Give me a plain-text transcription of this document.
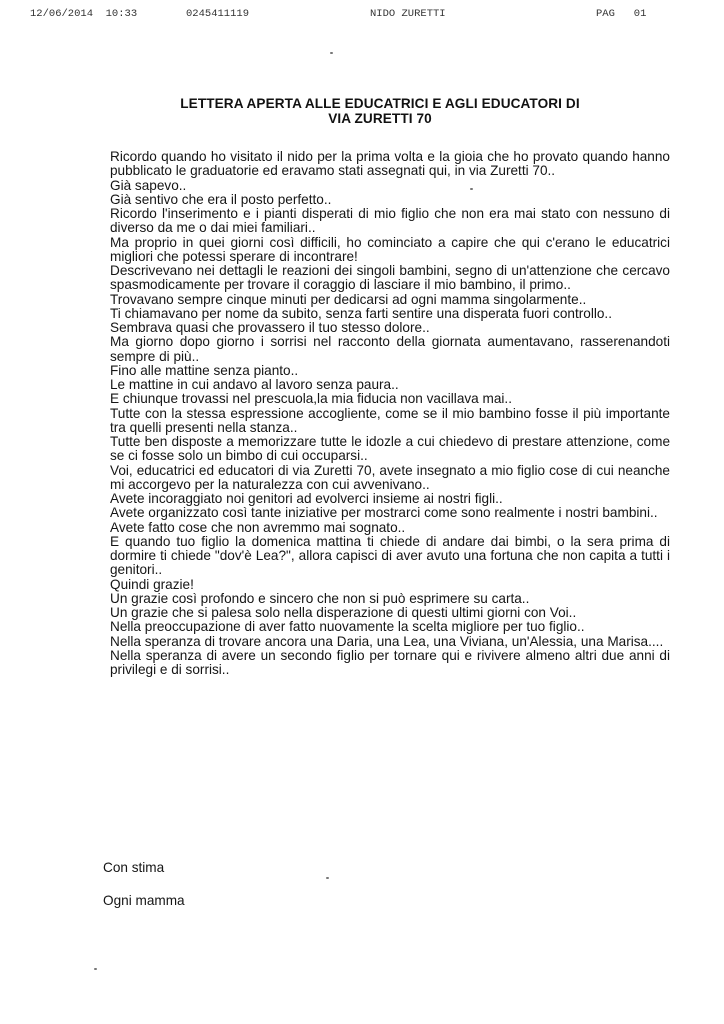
12/06/2014  10:33	0245411119	NIDO ZURETTI	PAG   01
LETTERA APERTA ALLE EDUCATRICI E AGLI EDUCATORI DI
VIA ZURETTI 70

Ricordo quando ho visitato il nido per la prima volta e la gioia che ho provato quando hanno pubblicato le graduatorie ed eravamo stati assegnati qui, in via Zuretti 70..

Già sapevo..

Già sentivo che era il posto perfetto..

Ricordo l'inserimento e i pianti disperati di mio figlio che non era mai stato con nessuno di diverso da me o dai miei familiari..

Ma proprio in quei giorni così difficili, ho cominciato a capire che qui c'erano le educatrici migliori che potessi sperare di incontrare!

Descrivevano nei dettagli le reazioni dei singoli bambini, segno di un'attenzione che cercavo spasmodicamente per trovare il coraggio di lasciare il mio bambino, il primo..

Trovavano sempre cinque minuti per dedicarsi ad ogni mamma singolarmente..

Ti chiamavano per nome da subito, senza farti sentire una disperata fuori controllo..

Sembrava quasi che provassero il tuo stesso dolore..

Ma giorno dopo giorno i sorrisi nel racconto della giornata aumentavano, rasserenandoti sempre di più..

Fino alle mattine senza pianto..

Le mattine in cui andavo al lavoro senza paura..

E chiunque trovassi nel prescuola,la mia fiducia non vacillava mai..

Tutte con la stessa espressione accogliente, come se il mio bambino fosse il più importante tra quelli presenti nella stanza..

Tutte ben disposte a memorizzare tutte le idozle a cui chiedevo di prestare attenzione, come se ci fosse solo un bimbo di cui occuparsi..

Voi, educatrici ed educatori di via Zuretti 70, avete insegnato a mio figlio cose di cui neanche mi accorgevo per la naturalezza con cui avvenivano..

Avete incoraggiato noi genitori ad evolverci insieme ai nostri figli..

Avete organizzato così tante iniziative per mostrarci come sono realmente i nostri bambini..

Avete fatto cose che non avremmo mai sognato..

E quando tuo figlio la domenica mattina ti chiede di andare dai bimbi, o la sera prima di dormire ti chiede "dov'è Lea?", allora capisci di aver avuto una fortuna che non capita a tutti i genitori..

Quindi grazie!

Un grazie così profondo e sincero che non si può esprimere su carta..

Un grazie che si palesa solo nella disperazione di questi ultimi giorni con Voi..

Nella preoccupazione di aver fatto nuovamente la scelta migliore per tuo figlio..

Nella speranza di trovare ancora una Daria, una Lea, una Viviana, un'Alessia, una Marisa....

Nella speranza di avere un secondo figlio per tornare qui e rivivere almeno altri due anni di privilegi e di sorrisi..

Con stima
Ogni mamma
